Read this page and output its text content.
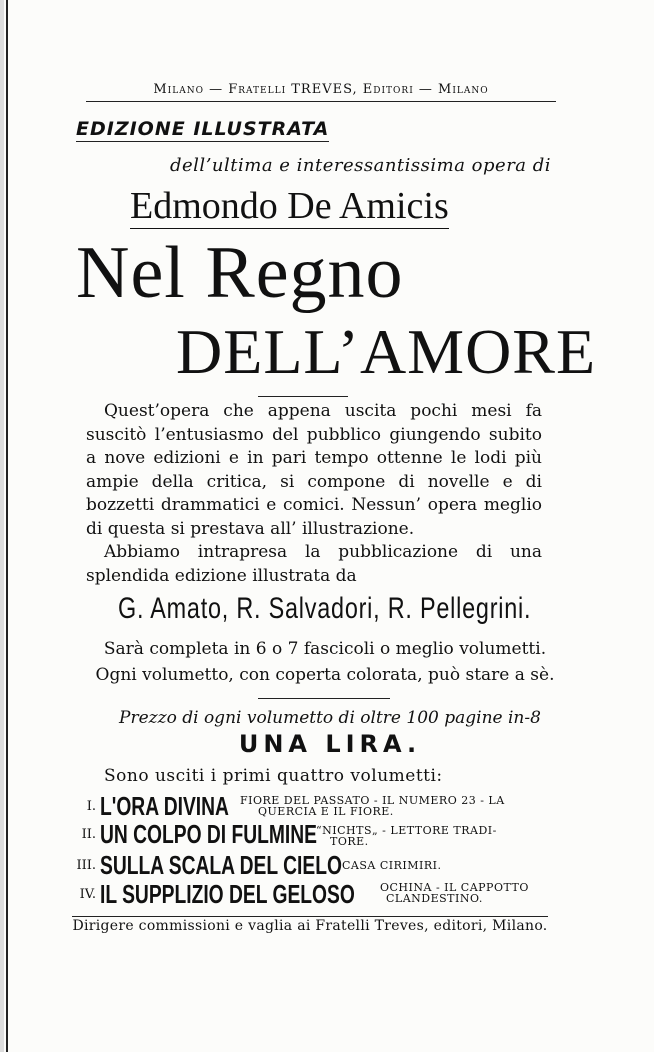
Milano — Fratelli TREVES, Editori — Milano
EDIZIONE ILLUSTRATA
dell’ultima e interessantissima opera di
Edmondo De Amicis
Nel Regno
DELL’AMORE

Quest’opera che appena uscita pochi mesi fa suscitò l’entusiasmo del pubblico giungendo subito a nove edizioni e in pari tempo ottenne le lodi più ampie della critica, si compone di novelle e di bozzetti drammatici e comici. Nessun’ opera meglio di questa si prestava all’ illustrazione.

Abbiamo intrapresa la pubblicazione di una splendida edizione illustrata da

G. Amato, R. Salvadori, R. Pellegrini.
Sarà completa in 6 o 7 fascicoli o meglio volumetti.
Ogni volumetto, con coperta colorata, può stare a sè.
Prezzo di ogni volumetto di oltre 100 pagine in-8
UNA LIRA.
Sono usciti i primi quattro volumetti:
I. L'ORA DIVINA FIORE DEL PASSATO - IL NUMERO 23 - LA
QUERCIA E IL FIORE.
II. UN COLPO DI FULMINE “NICHTS„ - LETTORE TRADI-
TORE.
III. SULLA SCALA DEL CIELO CASA CIRIMIRI.
IV. IL SUPPLIZIO DEL GELOSO OCHINA - IL CAPPOTTO
CLANDESTINO.
Dirigere commissioni e vaglia ai Fratelli Treves, editori, Milano.
